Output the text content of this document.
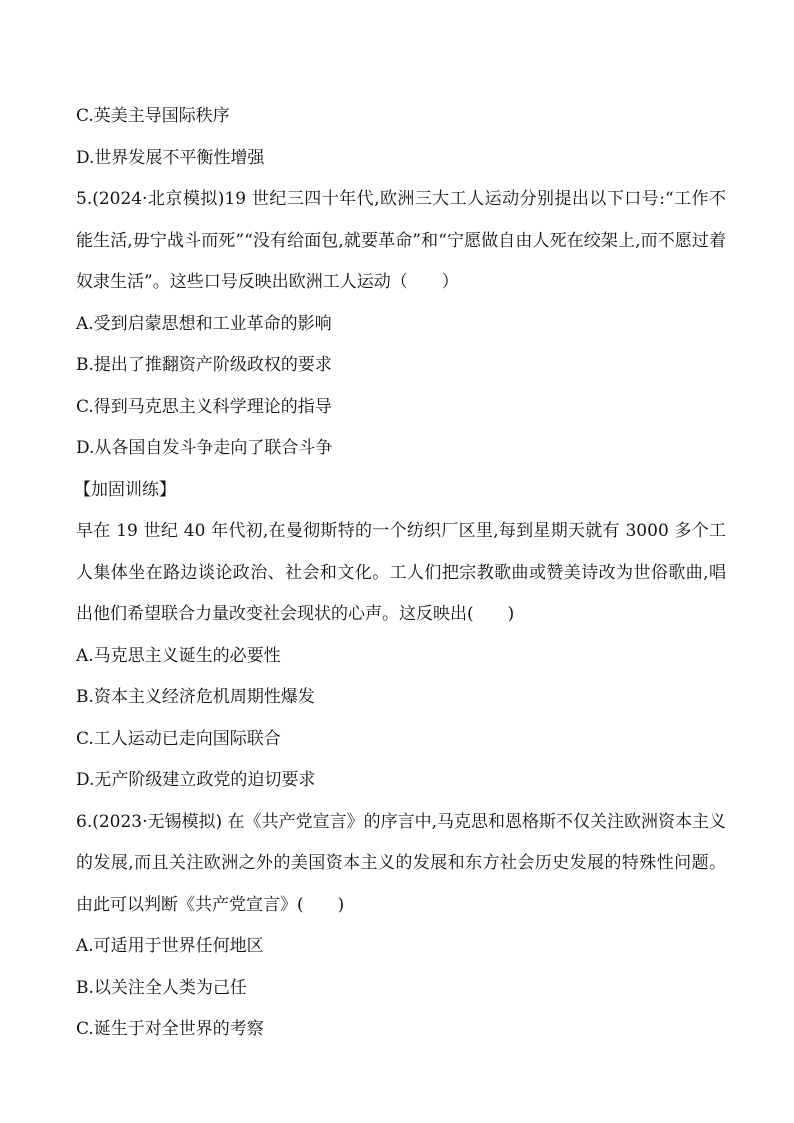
C.英美主导国际秩序

D.世界发展不平衡性增强

5.(2024·北京模拟)19 世纪三四十年代,欧洲三大工人运动分别提出以下口号:“工作不能生活,毋宁战斗而死”“没有给面包,就要革命”和“宁愿做自由人死在绞架上,而不愿过着奴隶生活”。这些口号反映出欧洲工人运动（　　）

A.受到启蒙思想和工业革命的影响

B.提出了推翻资产阶级政权的要求

C.得到马克思主义科学理论的指导

D.从各国自发斗争走向了联合斗争

【加固训练】

早在 19 世纪 40 年代初,在曼彻斯特的一个纺织厂区里,每到星期天就有 3000 多个工人集体坐在路边谈论政治、社会和文化。工人们把宗教歌曲或赞美诗改为世俗歌曲,唱出他们希望联合力量改变社会现状的心声。这反映出(　　)

A.马克思主义诞生的必要性

B.资本主义经济危机周期性爆发

C.工人运动已走向国际联合

D.无产阶级建立政党的迫切要求

6.(2023·无锡模拟) 在《共产党宣言》的序言中,马克思和恩格斯不仅关注欧洲资本主义的发展,而且关注欧洲之外的美国资本主义的发展和东方社会历史发展的特殊性问题。由此可以判断《共产党宣言》(　　)

A.可适用于世界任何地区

B.以关注全人类为己任

C.诞生于对全世界的考察
